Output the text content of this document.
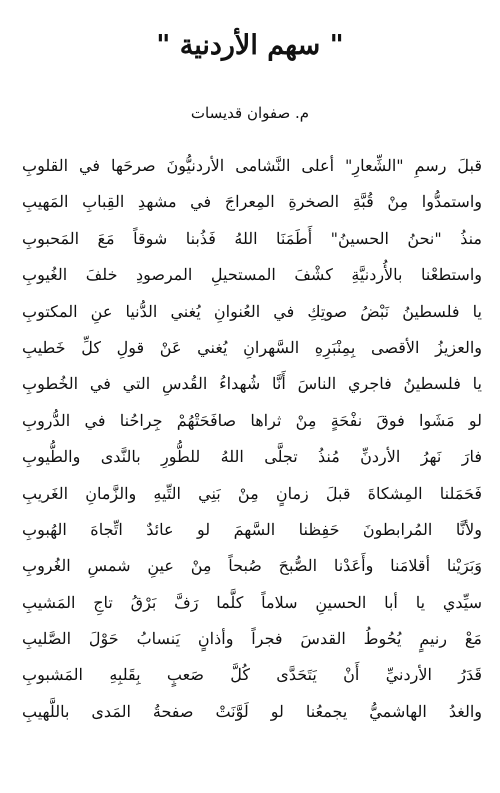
" سهم الأردنية "
م. صفوان قديسات
قبلَ رسمِ "الشِّعارِ" أعلى النَّشامى الأردنيُّونَ صرحَها في القلوبِ
واستمدُّوا مِنْ قُبَّةِ الصخرةِ المِعراجَ في مشهدِ القِبابِ المَهيبِ
منذُ "نحنُ الحسينُ" أَطَمَنَا اللهُ فَذُبنا شوقاً مَعَ المَحبوبِ
واستطعْنا بالأُردنيَّةِ كشْفَ المستحيلِ المرصودِ خلفَ الغُيوبِ
يا فلسطينُ نَبْضُ صوتِكِ في العُنوانِ يُغني الدُّنيا عنِ المكتوبِ
والعزيزُ الأقصى بِمِنْبَرِهِ السَّهرانِ يُغني عَنْ قولِ كلِّ خَطيبِ
يا فلسطينُ فاجري الناسَ أَنَّا شُهداءُ القُدسِ التي في الخُطوبِ
لو مَشَوا فوقَ نفْحَةٍ مِنْ ثراها صافَحَتْهُمْ جِراحُنا في الدُّروبِ
فارَ نَهرُ الأردنِّ مُنذُ تجلَّى اللهُ للطُّورِ بالنَّدى والطُّيوبِ
فَحَمَلنا المِشكاةَ قبلَ زمانٍ مِنْ بَنِي التِّيهِ والزَّمانِ الغَريبِ
ولأنَّا المُرابطونَ حَفِظنا السَّهمَ لو عائدٌ اتِّجاهَ الهُبوبِ
وَبَرَيْنا أقلامَنا وأَعَدْنا الصُّبحَ صُبحاً مِنْ عينِ شمسِ الغُروبِ
سيِّدي يا أبا الحسينِ سلاماً كلَّما رَفَّ بَرْقُ تاجِ المَشيبِ
مَعْ رنيمٍ يُحُوطُ القدسَ فجراً وأذانٍ يَنسابُ حَوْلَ الصَّليبِ
قَدَرُ الأردنيِّ أَنْ يَتَحَدَّى كُلَّ صَعبٍ بِقَلبِهِ المَشبوبِ
والغدُ الهاشميُّ يجمعُنا لو لَوَّنَتْ صفحةُ المَدى باللَّهيبِ
